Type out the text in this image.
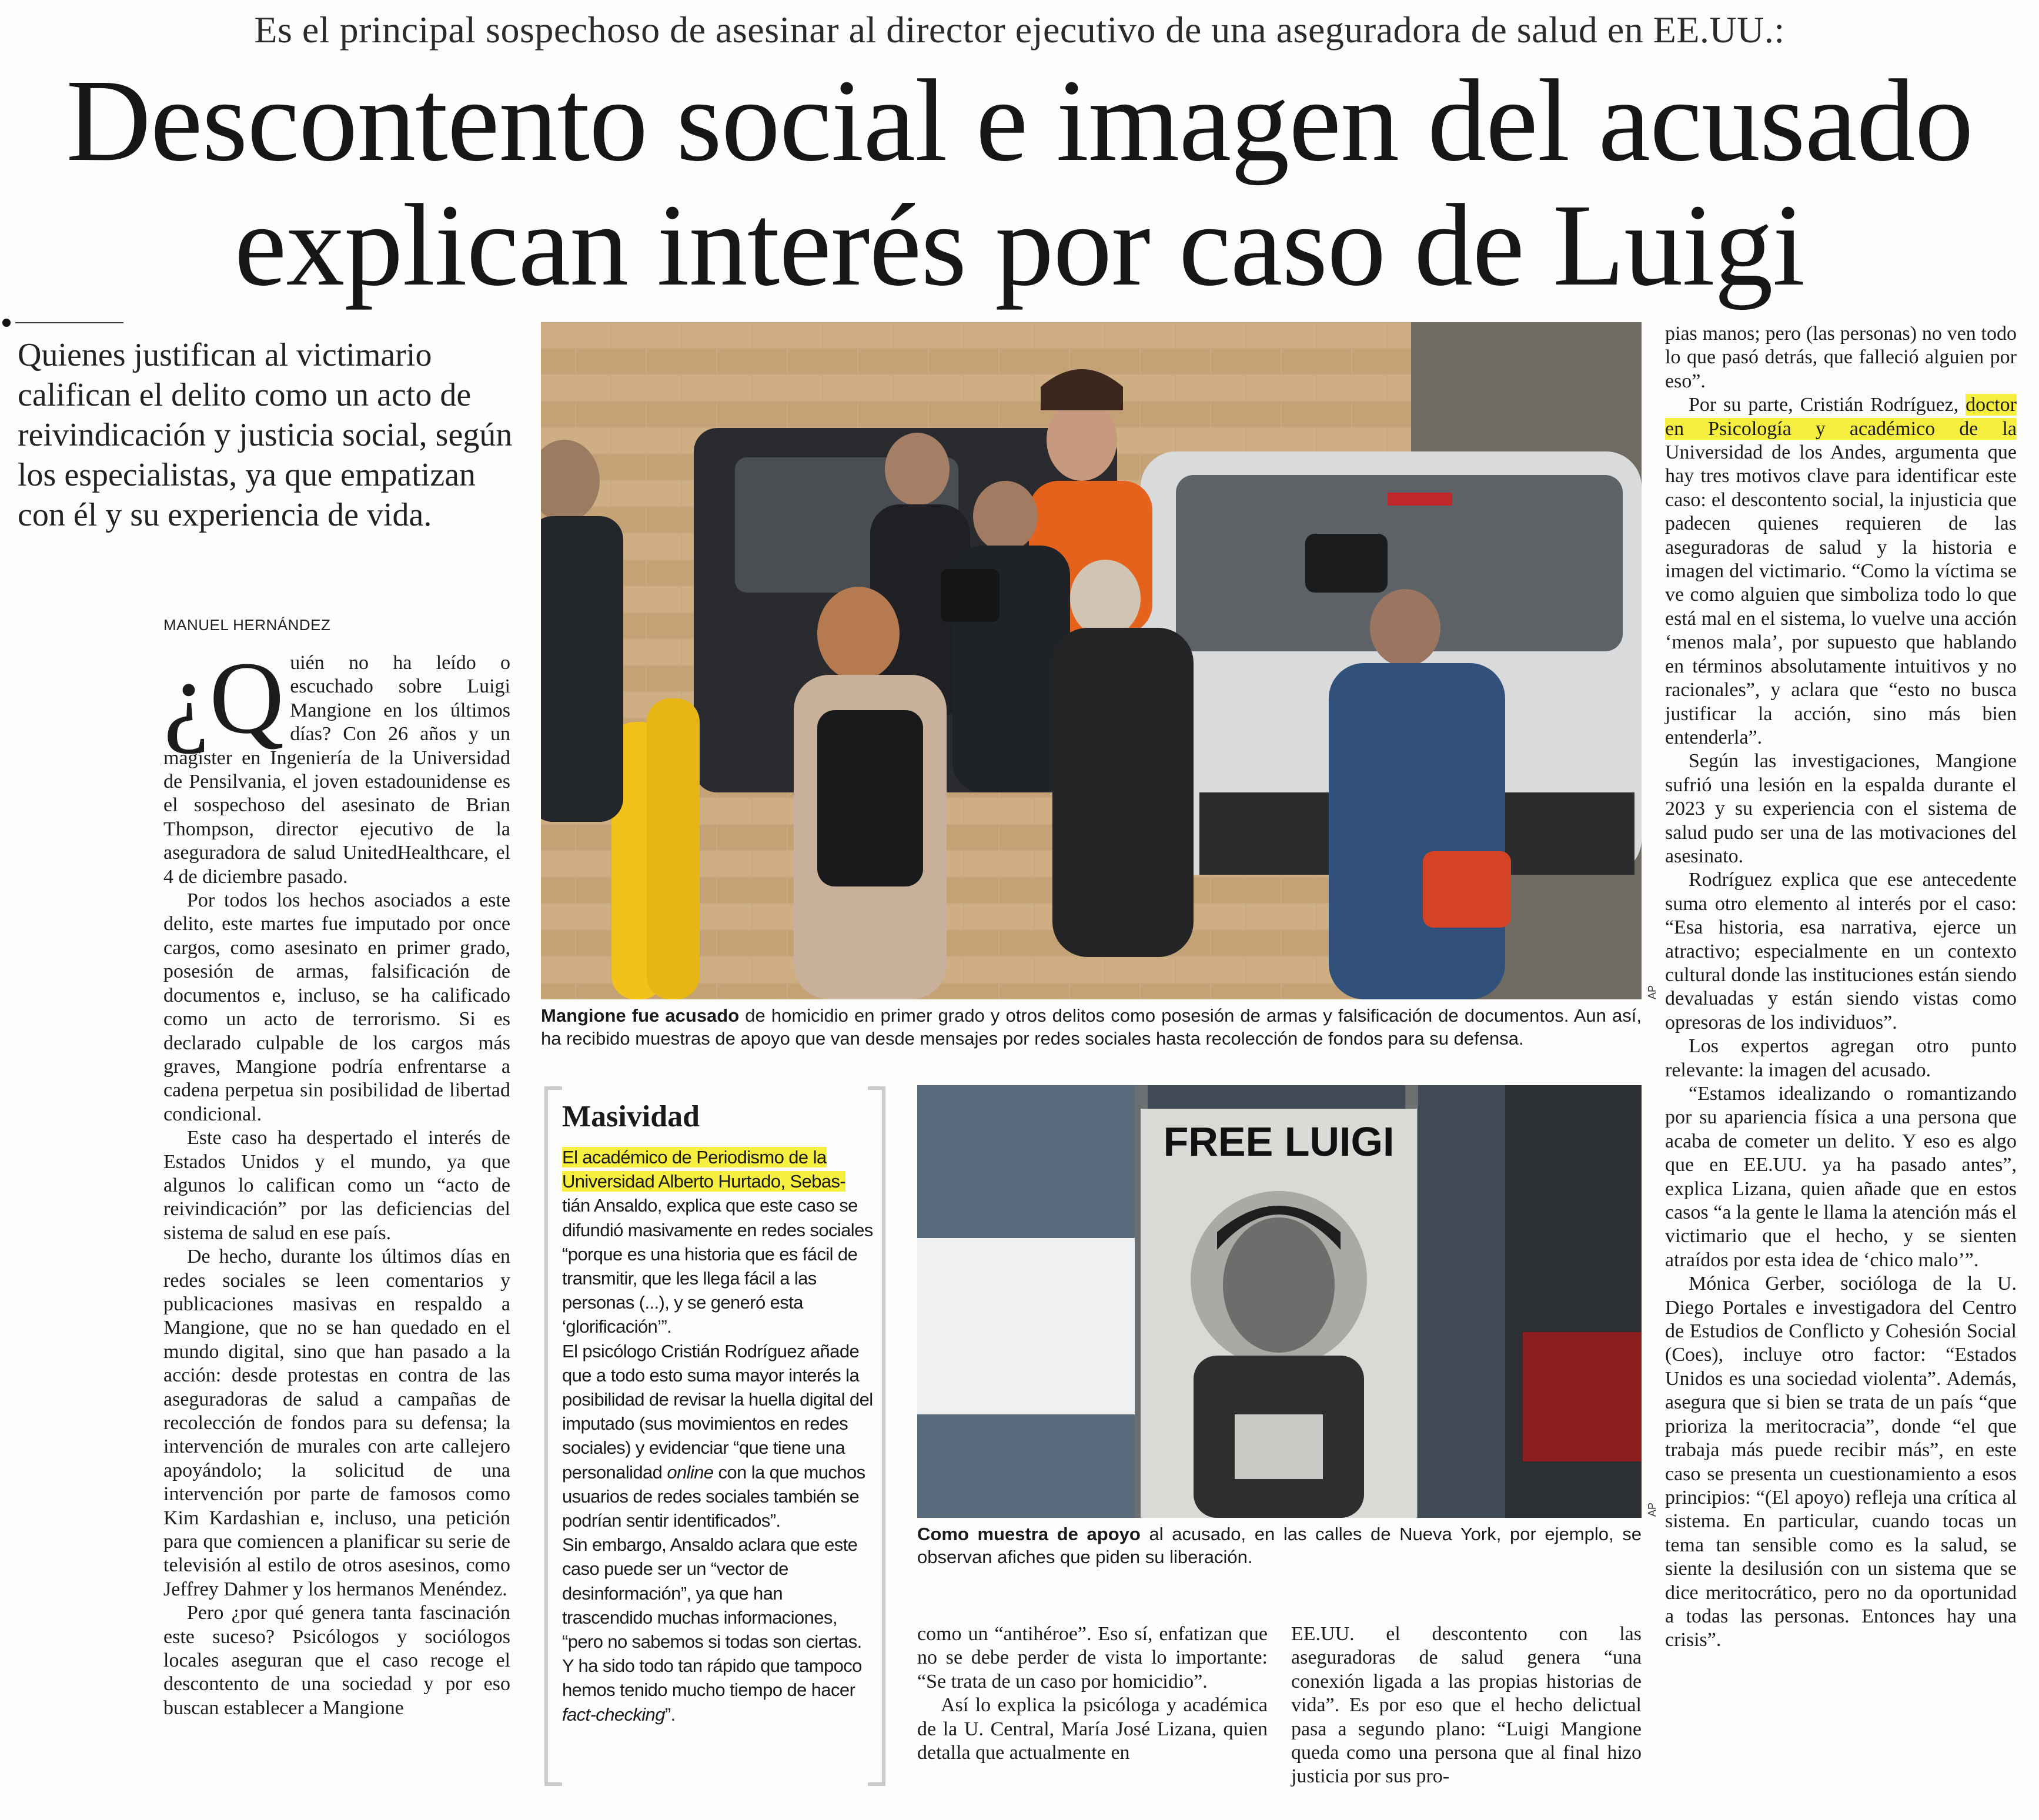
Es el principal sospechoso de asesinar al director ejecutivo de una aseguradora de salud en EE.UU.:
Descontento social e imagen del acusado
explican interés por caso de Luigi
Quienes justifican al victimario califican el delito como un acto de reivindicación y justicia social, según los especialistas, ya que empatizan con él y su experiencia de vida.
MANUEL HERNÁNDEZ

¿Q uién no ha leído o escuchado sobre Luigi Mangione en los últimos días? Con 26 años y un magíster en Ingeniería de la Universidad de Pensilvania, el joven estadounidense es el sospechoso del asesinato de Brian Thompson, director ejecutivo de la aseguradora de salud UnitedHealthcare, el 4 de diciembre pasado.

Por todos los hechos asociados a este delito, este martes fue imputado por once cargos, como asesinato en primer grado, posesión de armas, falsificación de documentos e, incluso, se ha calificado como un acto de terrorismo. Si es declarado culpable de los cargos más graves, Mangione podría enfrentarse a cadena perpetua sin posibilidad de libertad condicional.

Este caso ha despertado el interés de Estados Unidos y el mundo, ya que algunos lo califican como un “acto de reivindicación” por las deficiencias del sistema de salud en ese país.

De hecho, durante los últimos días en redes sociales se leen comentarios y publicaciones masivas en respaldo a Mangione, que no se han quedado en el mundo digital, sino que han pasado a la acción: desde protestas en contra de las aseguradoras de salud a campañas de recolección de fondos para su defensa; la intervención de murales con arte callejero apoyándolo; la solicitud de una intervención por parte de famosos como Kim Kardashian e, incluso, una petición para que comiencen a planificar su serie de televisión al estilo de otros asesinos, como Jeffrey Dahmer y los hermanos Menéndez.

Pero ¿por qué genera tanta fascinación este suceso? Psicólogos y sociólogos locales aseguran que el caso recoge el descontento de una sociedad y por eso buscan establecer a Mangione

AP
Mangione fue acusado de homicidio en primer grado y otros delitos como posesión de armas y falsificación de documentos. Aun así, ha recibido muestras de apoyo que van desde mensajes por redes sociales hasta recolección de fondos para su defensa.
Masividad

El académico de Periodismo de la Universidad Alberto Hurtado, Sebas-
tián Ansaldo, explica que este caso se difundió masivamente en redes sociales “porque es una historia que es fácil de transmitir, que les llega fácil a las personas (...), y se generó esta ‘glorificación’”.

El psicólogo Cristián Rodríguez añade que a todo esto suma mayor interés la posibilidad de revisar la huella digital del imputado (sus movimientos en redes sociales) y evidenciar “que tiene una personalidad online con la que muchos usuarios de redes sociales también se podrían sentir identificados”.

Sin embargo, Ansaldo aclara que este caso puede ser un “vector de desinformación”, ya que han trascendido muchas informaciones, “pero no sabemos si todas son ciertas.

Y ha sido todo tan rápido que tampoco hemos tenido mucho tiempo de hacer fact-checking”.

FREE LUIGI
AP
Como muestra de apoyo al acusado, en las calles de Nueva York, por ejemplo, se observan afiches que piden su liberación.

como un “antihéroe”. Eso sí, enfatizan que no se debe perder de vista lo importante: “Se trata de un caso por homicidio”.

Así lo explica la psicóloga y académica de la U. Central, María José Lizana, quien detalla que actualmente en

EE.UU. el descontento con las aseguradoras de salud genera “una conexión ligada a las propias historias de vida”. Es por eso que el hecho delictual pasa a segundo plano: “Luigi Mangione queda como una persona que al final hizo justicia por sus pro-

pias manos; pero (las personas) no ven todo lo que pasó detrás, que falleció alguien por eso”.

Por su parte, Cristián Rodríguez, doctor en Psicología y académico de la Universidad de los Andes, argumenta que hay tres motivos clave para identificar este caso: el descontento social, la injusticia que padecen quienes requieren de las aseguradoras de salud y la historia e imagen del victimario. “Como la víctima se ve como alguien que simboliza todo lo que está mal en el sistema, lo vuelve una acción ‘menos mala’, por supuesto que hablando en términos absolutamente intuitivos y no racionales”, y aclara que “esto no busca justificar la acción, sino más bien entenderla”.

Según las investigaciones, Mangione sufrió una lesión en la espalda durante el 2023 y su experiencia con el sistema de salud pudo ser una de las motivaciones del asesinato.

Rodríguez explica que ese antecedente suma otro elemento al interés por el caso: “Esa historia, esa narrativa, ejerce un atractivo; especialmente en un contexto cultural donde las instituciones están siendo devaluadas y están siendo vistas como opresoras de los individuos”.

Los expertos agregan otro punto relevante: la imagen del acusado.

“Estamos idealizando o romantizando por su apariencia física a una persona que acaba de cometer un delito. Y eso es algo que en EE.UU. ya ha pasado antes”, explica Lizana, quien añade que en estos casos “a la gente le llama la atención más el victimario que el hecho, y se sienten atraídos por esta idea de ‘chico malo’”.

Mónica Gerber, socióloga de la U. Diego Portales e investigadora del Centro de Estudios de Conflicto y Cohesión Social (Coes), incluye otro factor: “Estados Unidos es una sociedad violenta”. Además, asegura que si bien se trata de un país “que prioriza la meritocracia”, donde “el que trabaja más puede recibir más”, en este caso se presenta un cuestionamiento a esos principios: “(El apoyo) refleja una crítica al sistema. En particular, cuando tocas un tema tan sensible como es la salud, se siente la desilusión con un sistema que se dice meritocrático, pero no da oportunidad a todas las personas. Entonces hay una crisis”.
